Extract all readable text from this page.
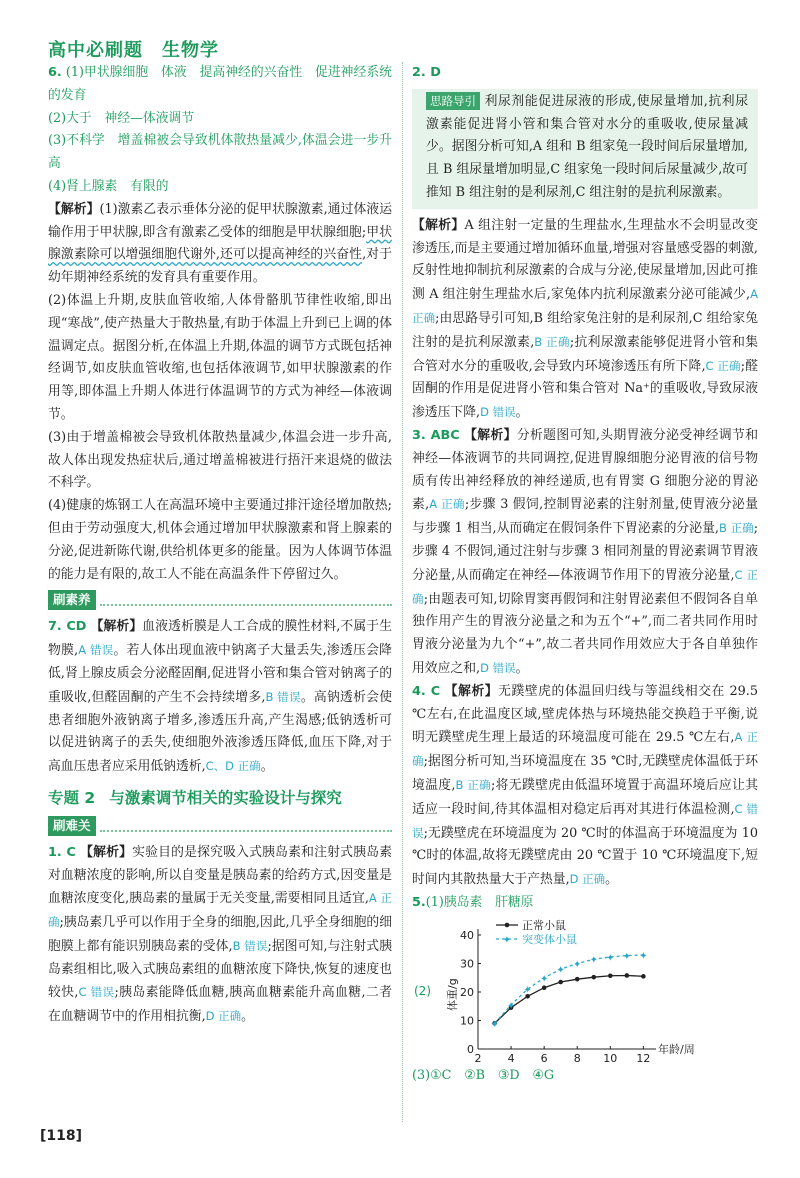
高中必刷题　生物学

6. (1)甲状腺细胞　体液　提高神经的兴奋性　促进神经系统的发育

(2)大于　神经—体液调节

(3)不科学　增盖棉被会导致机体散热量减少,体温会进一步升高

(4)肾上腺素　有限的

【解析】(1)激素乙表示垂体分泌的促甲状腺激素,通过体液运输作用于甲状腺,即含有激素乙受体的细胞是甲状腺细胞;甲状腺激素除可以增强细胞代谢外,还可以提高神经的兴奋性,对于幼年期神经系统的发育具有重要作用。

(2)体温上升期,皮肤血管收缩,人体骨骼肌节律性收缩,即出现“寒战”,使产热量大于散热量,有助于体温上升到已上调的体温调定点。据图分析,在体温上升期,体温的调节方式既包括神经调节,如皮肤血管收缩,也包括体液调节,如甲状腺激素的作用等,即体温上升期人体进行体温调节的方式为神经—体液调节。

(3)由于增盖棉被会导致机体散热量减少,体温会进一步升高,故人体出现发热症状后,通过增盖棉被进行捂汗来退烧的做法不科学。

(4)健康的炼钢工人在高温环境中主要通过排汗途径增加散热;但由于劳动强度大,机体会通过增加甲状腺激素和肾上腺素的分泌,促进新陈代谢,供给机体更多的能量。因为人体调节体温的能力是有限的,故工人不能在高温条件下停留过久。

刷素养

7. CD 【解析】血液透析膜是人工合成的膜性材料,不属于生物膜,A 错误。若人体出现血液中钠离子大量丢失,渗透压会降低,肾上腺皮质会分泌醛固酮,促进肾小管和集合管对钠离子的重吸收,但醛固酮的产生不会持续增多,B 错误。高钠透析会使患者细胞外液钠离子增多,渗透压升高,产生渴感;低钠透析可以促进钠离子的丢失,使细胞外液渗透压降低,血压下降,对于高血压患者应采用低钠透析,C、D 正确。

专题 2 与激素调节相关的实验设计与探究
刷难关

1. C 【解析】实验目的是探究吸入式胰岛素和注射式胰岛素对血糖浓度的影响,所以自变量是胰岛素的给药方式,因变量是血糖浓度变化,胰岛素的量属于无关变量,需要相同且适宜,A 正确;胰岛素几乎可以作用于全身的细胞,因此,几乎全身细胞的细胞膜上都有能识别胰岛素的受体,B 错误;据图可知,与注射式胰岛素组相比,吸入式胰岛素组的血糖浓度下降快,恢复的速度也较快,C 错误;胰岛素能降低血糖,胰高血糖素能升高血糖,二者在血糖调节中的作用相抗衡,D 正确。

2. D

思路导引 利尿剂能促进尿液的形成,使尿量增加,抗利尿激素能促进肾小管和集合管对水分的重吸收,使尿量减少。据图分析可知,A 组和 B 组家兔一段时间后尿量增加,且 B 组尿量增加明显,C 组家兔一段时间后尿量减少,故可推知 B 组注射的是利尿剂,C 组注射的是抗利尿激素。

【解析】A 组注射一定量的生理盐水,生理盐水不会明显改变渗透压,而是主要通过增加循环血量,增强对容量感受器的刺激,反射性地抑制抗利尿激素的合成与分泌,使尿量增加,因此可推测 A 组注射生理盐水后,家兔体内抗利尿激素分泌可能减少,A 正确;由思路导引可知,B 组给家兔注射的是利尿剂,C 组给家兔注射的是抗利尿激素,B 正确;抗利尿激素能够促进肾小管和集合管对水分的重吸收,会导致内环境渗透压有所下降,C 正确;醛固酮的作用是促进肾小管和集合管对 Na⁺的重吸收,导致尿液渗透压下降,D 错误。

3. ABC 【解析】分析题图可知,头期胃液分泌受神经调节和神经—体液调节的共同调控,促进胃腺细胞分泌胃液的信号物质有传出神经释放的神经递质,也有胃窦 G 细胞分泌的胃泌素,A 正确;步骤 3 假饲,控制胃泌素的注射剂量,使胃液分泌量与步骤 1 相当,从而确定在假饲条件下胃泌素的分泌量,B 正确;步骤 4 不假饲,通过注射与步骤 3 相同剂量的胃泌素调节胃液分泌量,从而确定在神经—体液调节作用下的胃液分泌量,C 正确;由题表可知,切除胃窦再假饲和注射胃泌素但不假饲各自单独作用产生的胃液分泌量之和为五个“+”,而二者共同作用时胃液分泌量为九个“+”,故二者共同作用效应大于各自单独作用效应之和,D 错误。

4. C 【解析】无蹼壁虎的体温回归线与等温线相交在 29.5 ℃左右,在此温度区域,壁虎体热与环境热能交换趋于平衡,说明无蹼壁虎生理上最适的环境温度可能在 29.5 ℃左右,A 正确;据图分析可知,当环境温度在 35 ℃时,无蹼壁虎体温低于环境温度,B 正确;将无蹼壁虎由低温环境置于高温环境后应让其适应一段时间,待其体温相对稳定后再对其进行体温检测,C 错误;无蹼壁虎在环境温度为 20 ℃时的体温高于环境温度为 10 ℃时的体温,故将无蹼壁虎由 20 ℃置于 10 ℃环境温度下,短时间内其散热量大于产热量,D 正确。

5.(1)胰岛素　肝糖原

(2)
2 4 6 8 10 12
0
10
20
30
40
年龄/周
体重/g
正常小鼠
✦
✦
✦
✦
✦
✦ ✦ ✦ ✦ ✦
✦ 突变体小鼠

(3)①C　②B　③D　④G

[118]
